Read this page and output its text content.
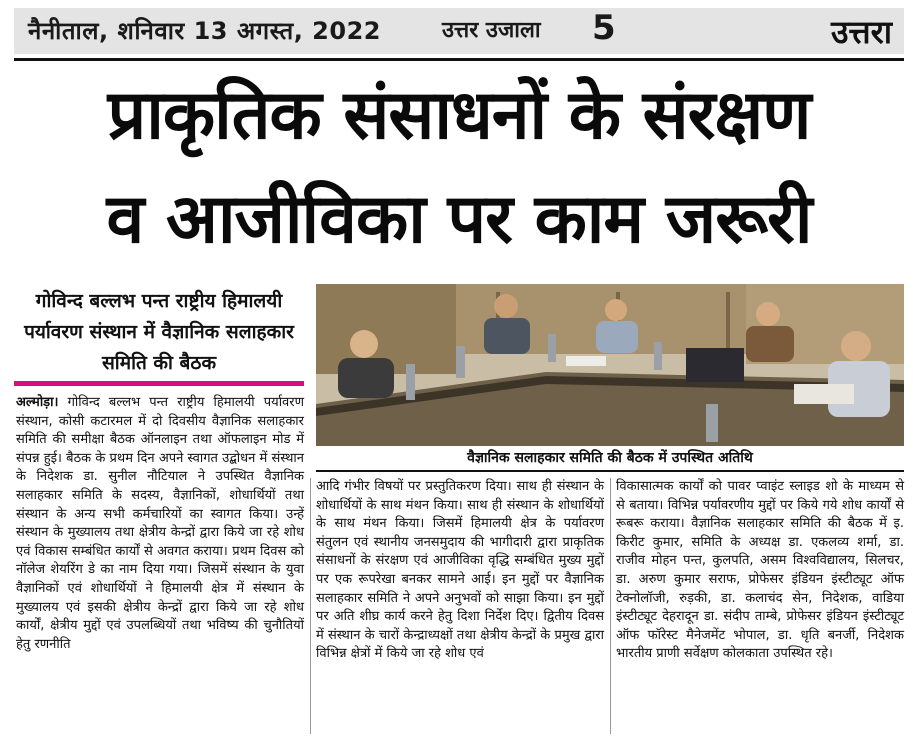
नैनीताल, शनिवार 13 अगस्त, 2022	उत्तर उजाला 5	उत्तरा
प्राकृतिक संसाधनों के संरक्षण
व आजीविका पर काम जरूरी
गोविन्द बल्लभ पन्त राष्ट्रीय हिमालयी पर्यावरण संस्थान में वैज्ञानिक सलाहकार समिति की बैठक
वैज्ञानिक सलाहकार समिति की बैठक में उपस्थित अतिथि
अल्मोड़ा। गोविन्द बल्लभ पन्त राष्ट्रीय हिमालयी पर्यावरण संस्थान, कोसी कटारमल में दो दिवसीय वैज्ञानिक सलाहकार समिति की समीक्षा बैठक ऑनलाइन तथा ऑफलाइन मोड में संपन्न हुई। बैठक के प्रथम दिन अपने स्वागत उद्बोधन में संस्थान के निदेशक डा. सुनील नौटियाल ने उपस्थित वैज्ञानिक सलाहकार समिति के सदस्य, वैज्ञानिकों, शोधार्थियों तथा संस्थान के अन्य सभी कर्मचारियों का स्वागत किया। उन्हें संस्थान के मुख्यालय तथा क्षेत्रीय केन्द्रों द्वारा किये जा रहे शोध एवं विकास सम्बंधित कार्यों से अवगत कराया। प्रथम दिवस को नॉलेज शेयरिंग डे का नाम दिया गया। जिसमें संस्थान के युवा वैज्ञानिकों एवं शोधार्थियों ने हिमालयी क्षेत्र में संस्थान के मुख्यालय एवं इसकी क्षेत्रीय केन्द्रों द्वारा किये जा रहे शोध कार्यों, क्षेत्रीय मुद्दों एवं उपलब्धियों तथा भविष्य की चुनौतियों हेतु रणनीति
आदि गंभीर विषयों पर प्रस्तुतिकरण दिया। साथ ही संस्थान के शोधार्थियों के साथ मंथन किया। साथ ही संस्थान के शोधार्थियों के साथ मंथन किया। जिसमें हिमालयी क्षेत्र के पर्यावरण संतुलन एवं स्थानीय जनसमुदाय की भागीदारी द्वारा प्राकृतिक संसाधनों के संरक्षण एवं आजीविका वृद्धि सम्बंधित मुख्य मुद्दों पर एक रूपरेखा बनकर सामने आई। इन मुद्दों पर वैज्ञानिक सलाहकार समिति ने अपने अनुभवों को साझा किया। इन मुद्दों पर अति शीघ्र कार्य करने हेतु दिशा निर्देश दिए। द्वितीय दिवस में संस्थान के चारों केन्द्राध्यक्षों तथा क्षेत्रीय केन्द्रों के प्रमुख द्वारा विभिन्न क्षेत्रों में किये जा रहे शोध एवं
विकासात्मक कार्यों को पावर प्वाइंट स्लाइड शो के माध्यम से से बताया। विभिन्न पर्यावरणीय मुद्दों पर किये गये शोध कार्यों से रूबरू कराया। वैज्ञानिक सलाहकार समिति की बैठक में इ. किरीट कुमार, समिति के अध्यक्ष डा. एकलव्य शर्मा, डा. राजीव मोहन पन्त, कुलपति, असम विश्वविद्यालय, सिलचर, डा. अरुण कुमार सराफ, प्रोफेसर इंडियन इंस्टीट्यूट ऑफ टेक्नोलॉजी, रुड़की, डा. कलाचंद सेन, निदेशक, वाडिया इंस्टीट्यूट देहरादून डा. संदीप ताम्बे, प्रोफेसर इंडियन इंस्टीट्यूट ऑफ फॉरेस्ट मैनेजमेंट भोपाल, डा. धृति बनर्जी, निदेशक भारतीय प्राणी सर्वेक्षण कोलकाता उपस्थित रहे।
